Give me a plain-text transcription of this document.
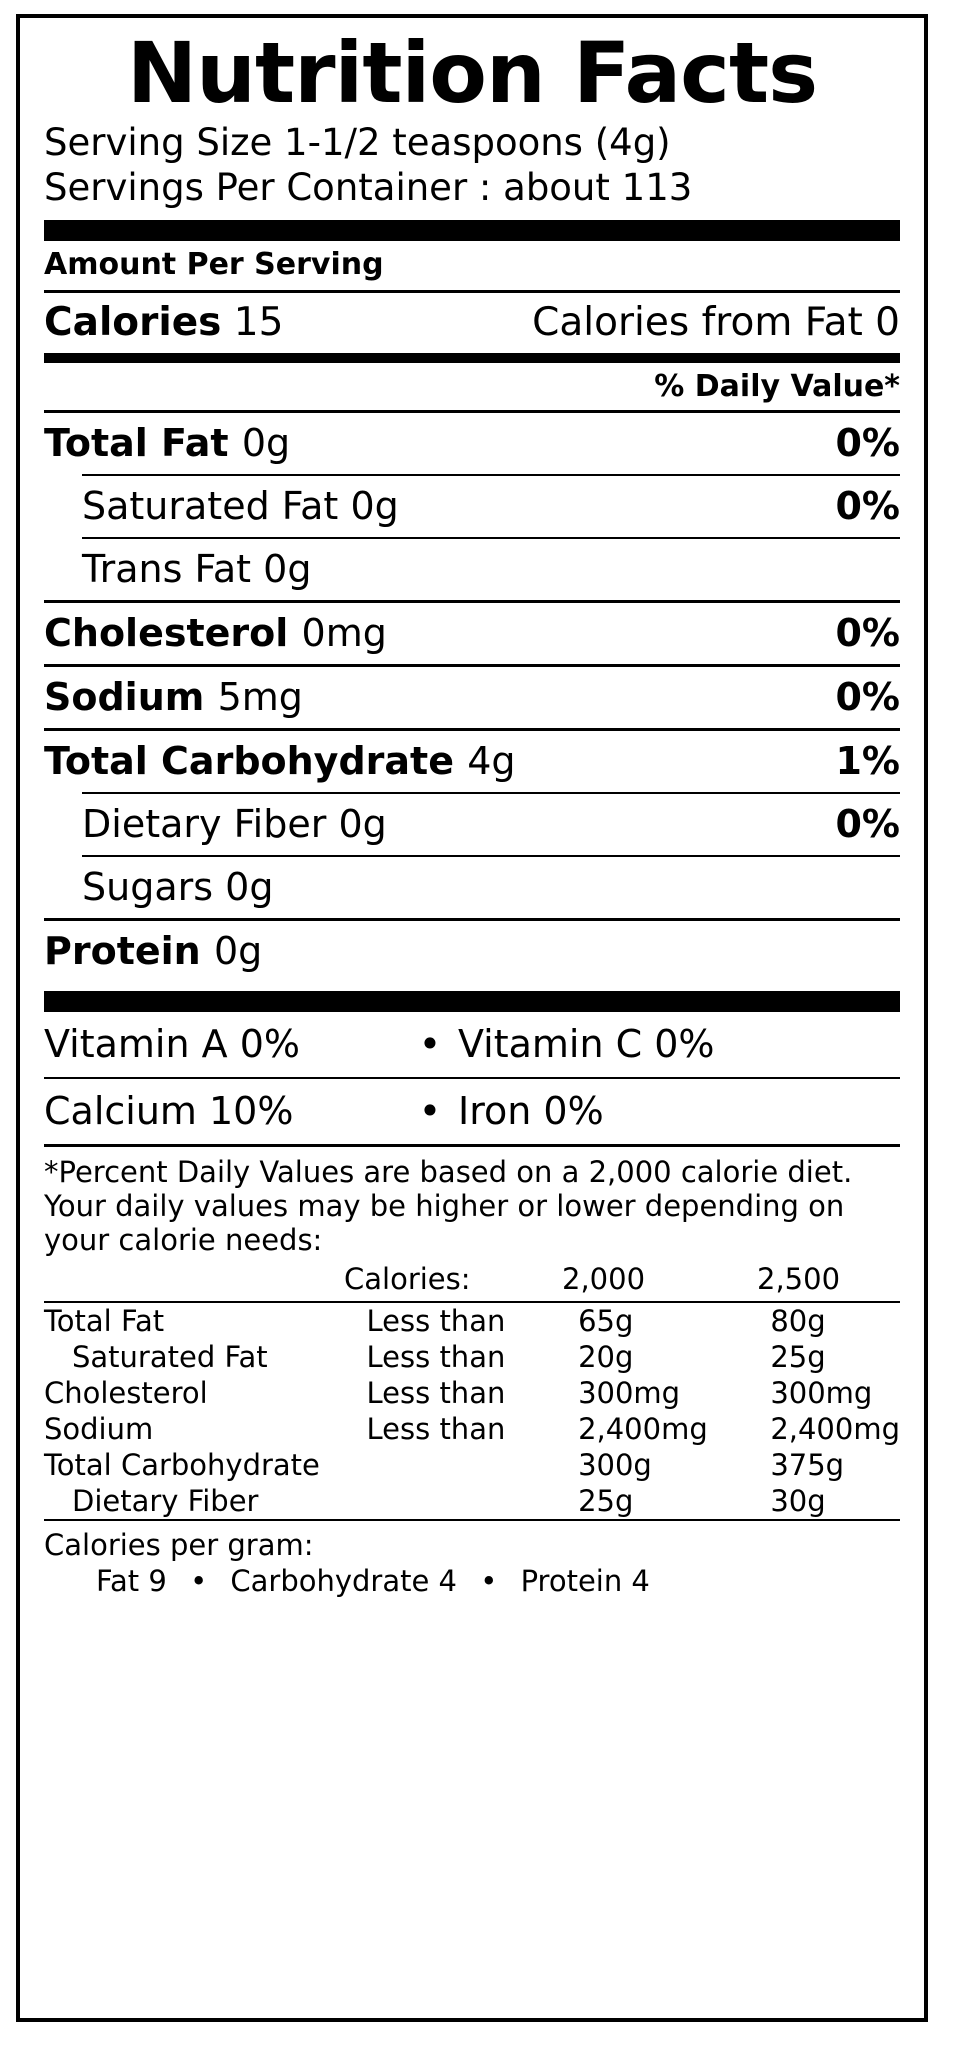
Nutrition Facts
Serving Size 1-1/2 teaspoons (4g)
Servings Per Container : about 113
Amount Per Serving
Calories 15	Calories from Fat 0
% Daily Value*
Total Fat 0g	0%
Saturated Fat 0g	0%
Trans Fat 0g
Cholesterol 0mg	0%
Sodium 5mg	0%
Total Carbohydrate 4g	1%
Dietary Fiber 0g	0%
Sugars 0g
Protein 0g
Vitamin A 0%	• Vitamin C 0%
Calcium 10%	• Iron 0%
*Percent Daily Values are based on a 2,000 calorie diet. Your daily values may be higher or lower depending on your calorie needs:
	Calories:	2,000	2,500
Total Fat	Less than	65g	80g
Saturated Fat	Less than	20g	25g
Cholesterol	Less than	300mg	300mg
Sodium	Less than	2,400mg	2,400mg
Total Carbohydrate		300g	375g
Dietary Fiber		25g	30g
Calories per gram:
Fat 9 • Carbohydrate 4 • Protein 4
